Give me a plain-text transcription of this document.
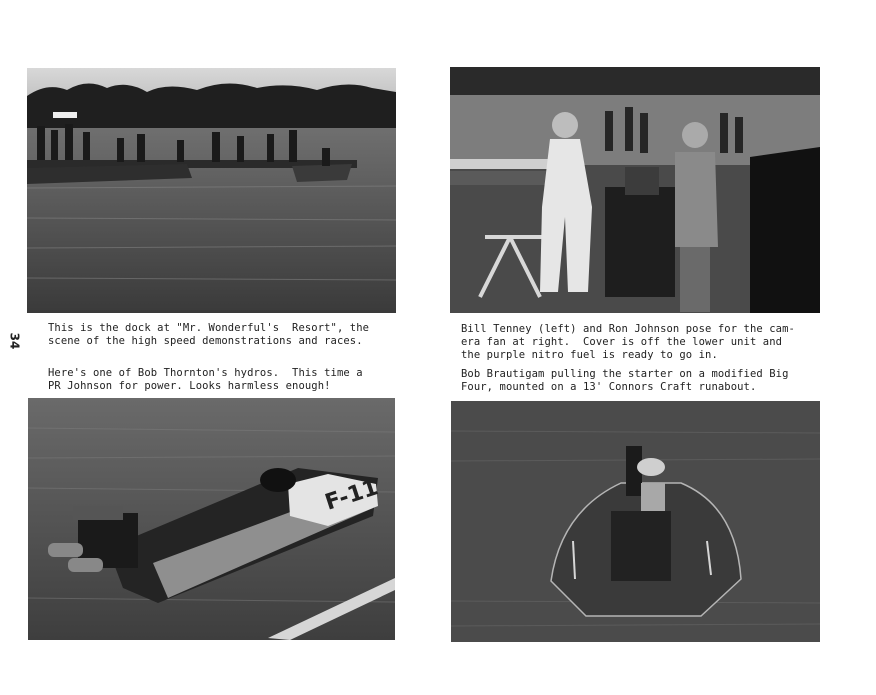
34
F-11
This is the dock at "Mr. Wonderful's  Resort", the
scene of the high speed demonstrations and races.
Here's one of Bob Thornton's hydros.  This time a
PR Johnson for power. Looks harmless enough!
Bill Tenney (left) and Ron Johnson pose for the cam-
era fan at right.  Cover is off the lower unit and
the purple nitro fuel is ready to go in.
Bob Brautigam pulling the starter on a modified Big
Four, mounted on a 13' Connors Craft runabout.
